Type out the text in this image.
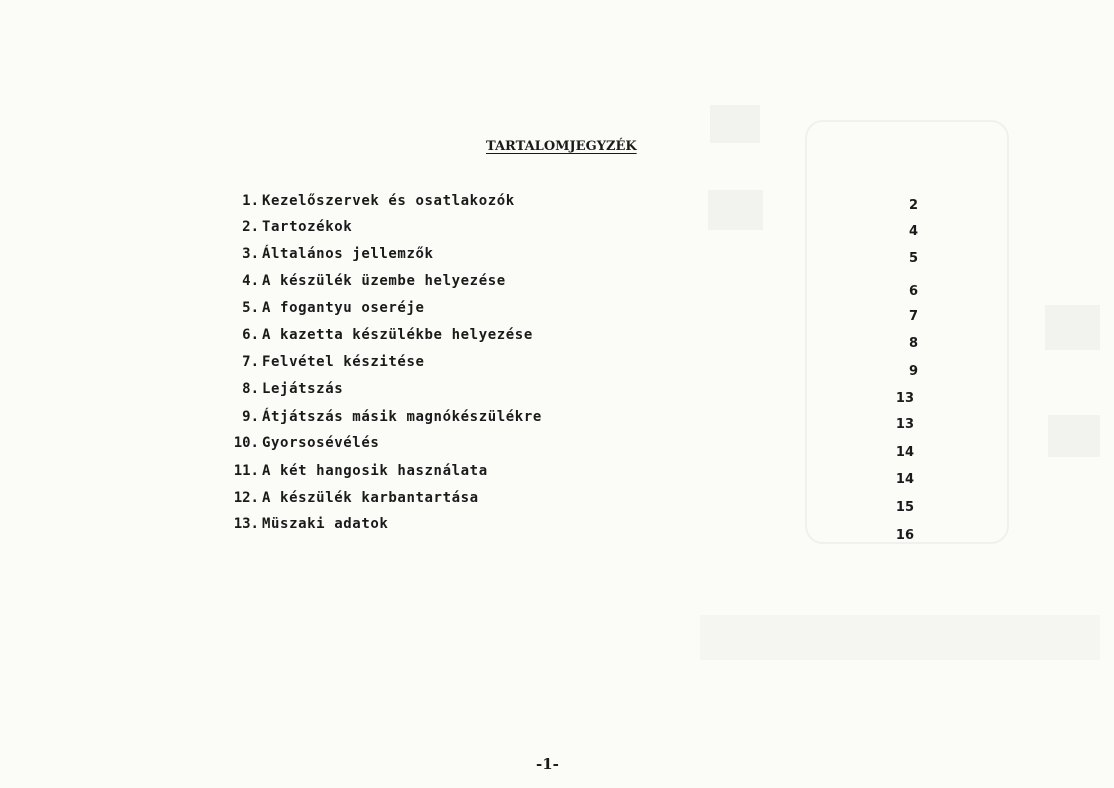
TARTALOMJEGYZÉK
1. Kezelőszervek és osatlakozók
2. Tartozékok
3. Általános jellemzők
4. A készülék üzembe helyezése
5. A fogantyu oseréje
6. A kazetta készülékbe helyezése
7. Felvétel készitése
8. Lejátszás
9. Átjátszás másik magnókészülékre
10. Gyorsosévélés
11. A két hangosik használata
12. A készülék karbantartása
13. Müszaki adatok
2
4
5
6
7
8
9
13
13
14
14
15
16
-1-
